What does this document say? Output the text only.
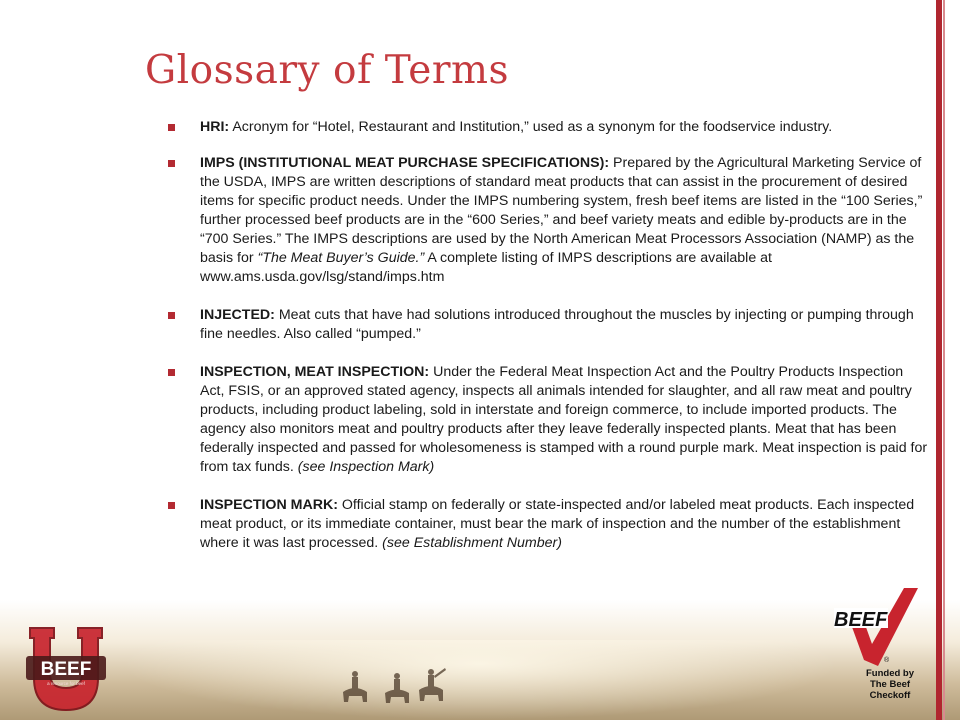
Glossary of Terms
HRI: Acronym for “Hotel, Restaurant and Institution,” used as a synonym for the foodservice industry.
IMPS (INSTITUTIONAL MEAT PURCHASE SPECIFICATIONS): Prepared by the Agricultural Marketing Service of the USDA, IMPS are written descriptions of standard meat products that can assist in the procurement of desired items for specific product needs. Under the IMPS numbering system, fresh beef items are listed in the “100 Series,” further processed beef products are in the “600 Series,” and beef variety meats and edible by-products are in the “700 Series.” The IMPS descriptions are used by the North American Meat Processors Association (NAMP) as the basis for “The Meat Buyer’s Guide.” A complete listing of IMPS descriptions are available at www.ams.usda.gov/lsg/stand/imps.htm
INJECTED: Meat cuts that have had solutions introduced throughout the muscles by injecting or pumping through fine needles. Also called “pumped.”
INSPECTION, MEAT INSPECTION: Under the Federal Meat Inspection Act and the Poultry Products Inspection Act, FSIS, or an approved stated agency, inspects all animals intended for slaughter, and all raw meat and poultry products, including product labeling, sold in interstate and foreign commerce, to include imported products. The agency also monitors meat and poultry products after they leave federally inspected plants. Meat that has been federally inspected and passed for wholesomeness is stamped with a round purple mark. Meat inspection is paid for from tax funds. (see Inspection Mark)
INSPECTION MARK: Official stamp on federally or state-inspected and/or labeled meat products. Each inspected meat product, or its immediate container, must bear the mark of inspection and the number of the establishment where it was last processed. (see Establishment Number)
BEEF
a resource for beef
BEEF
®
Funded by
The Beef
Checkoff
